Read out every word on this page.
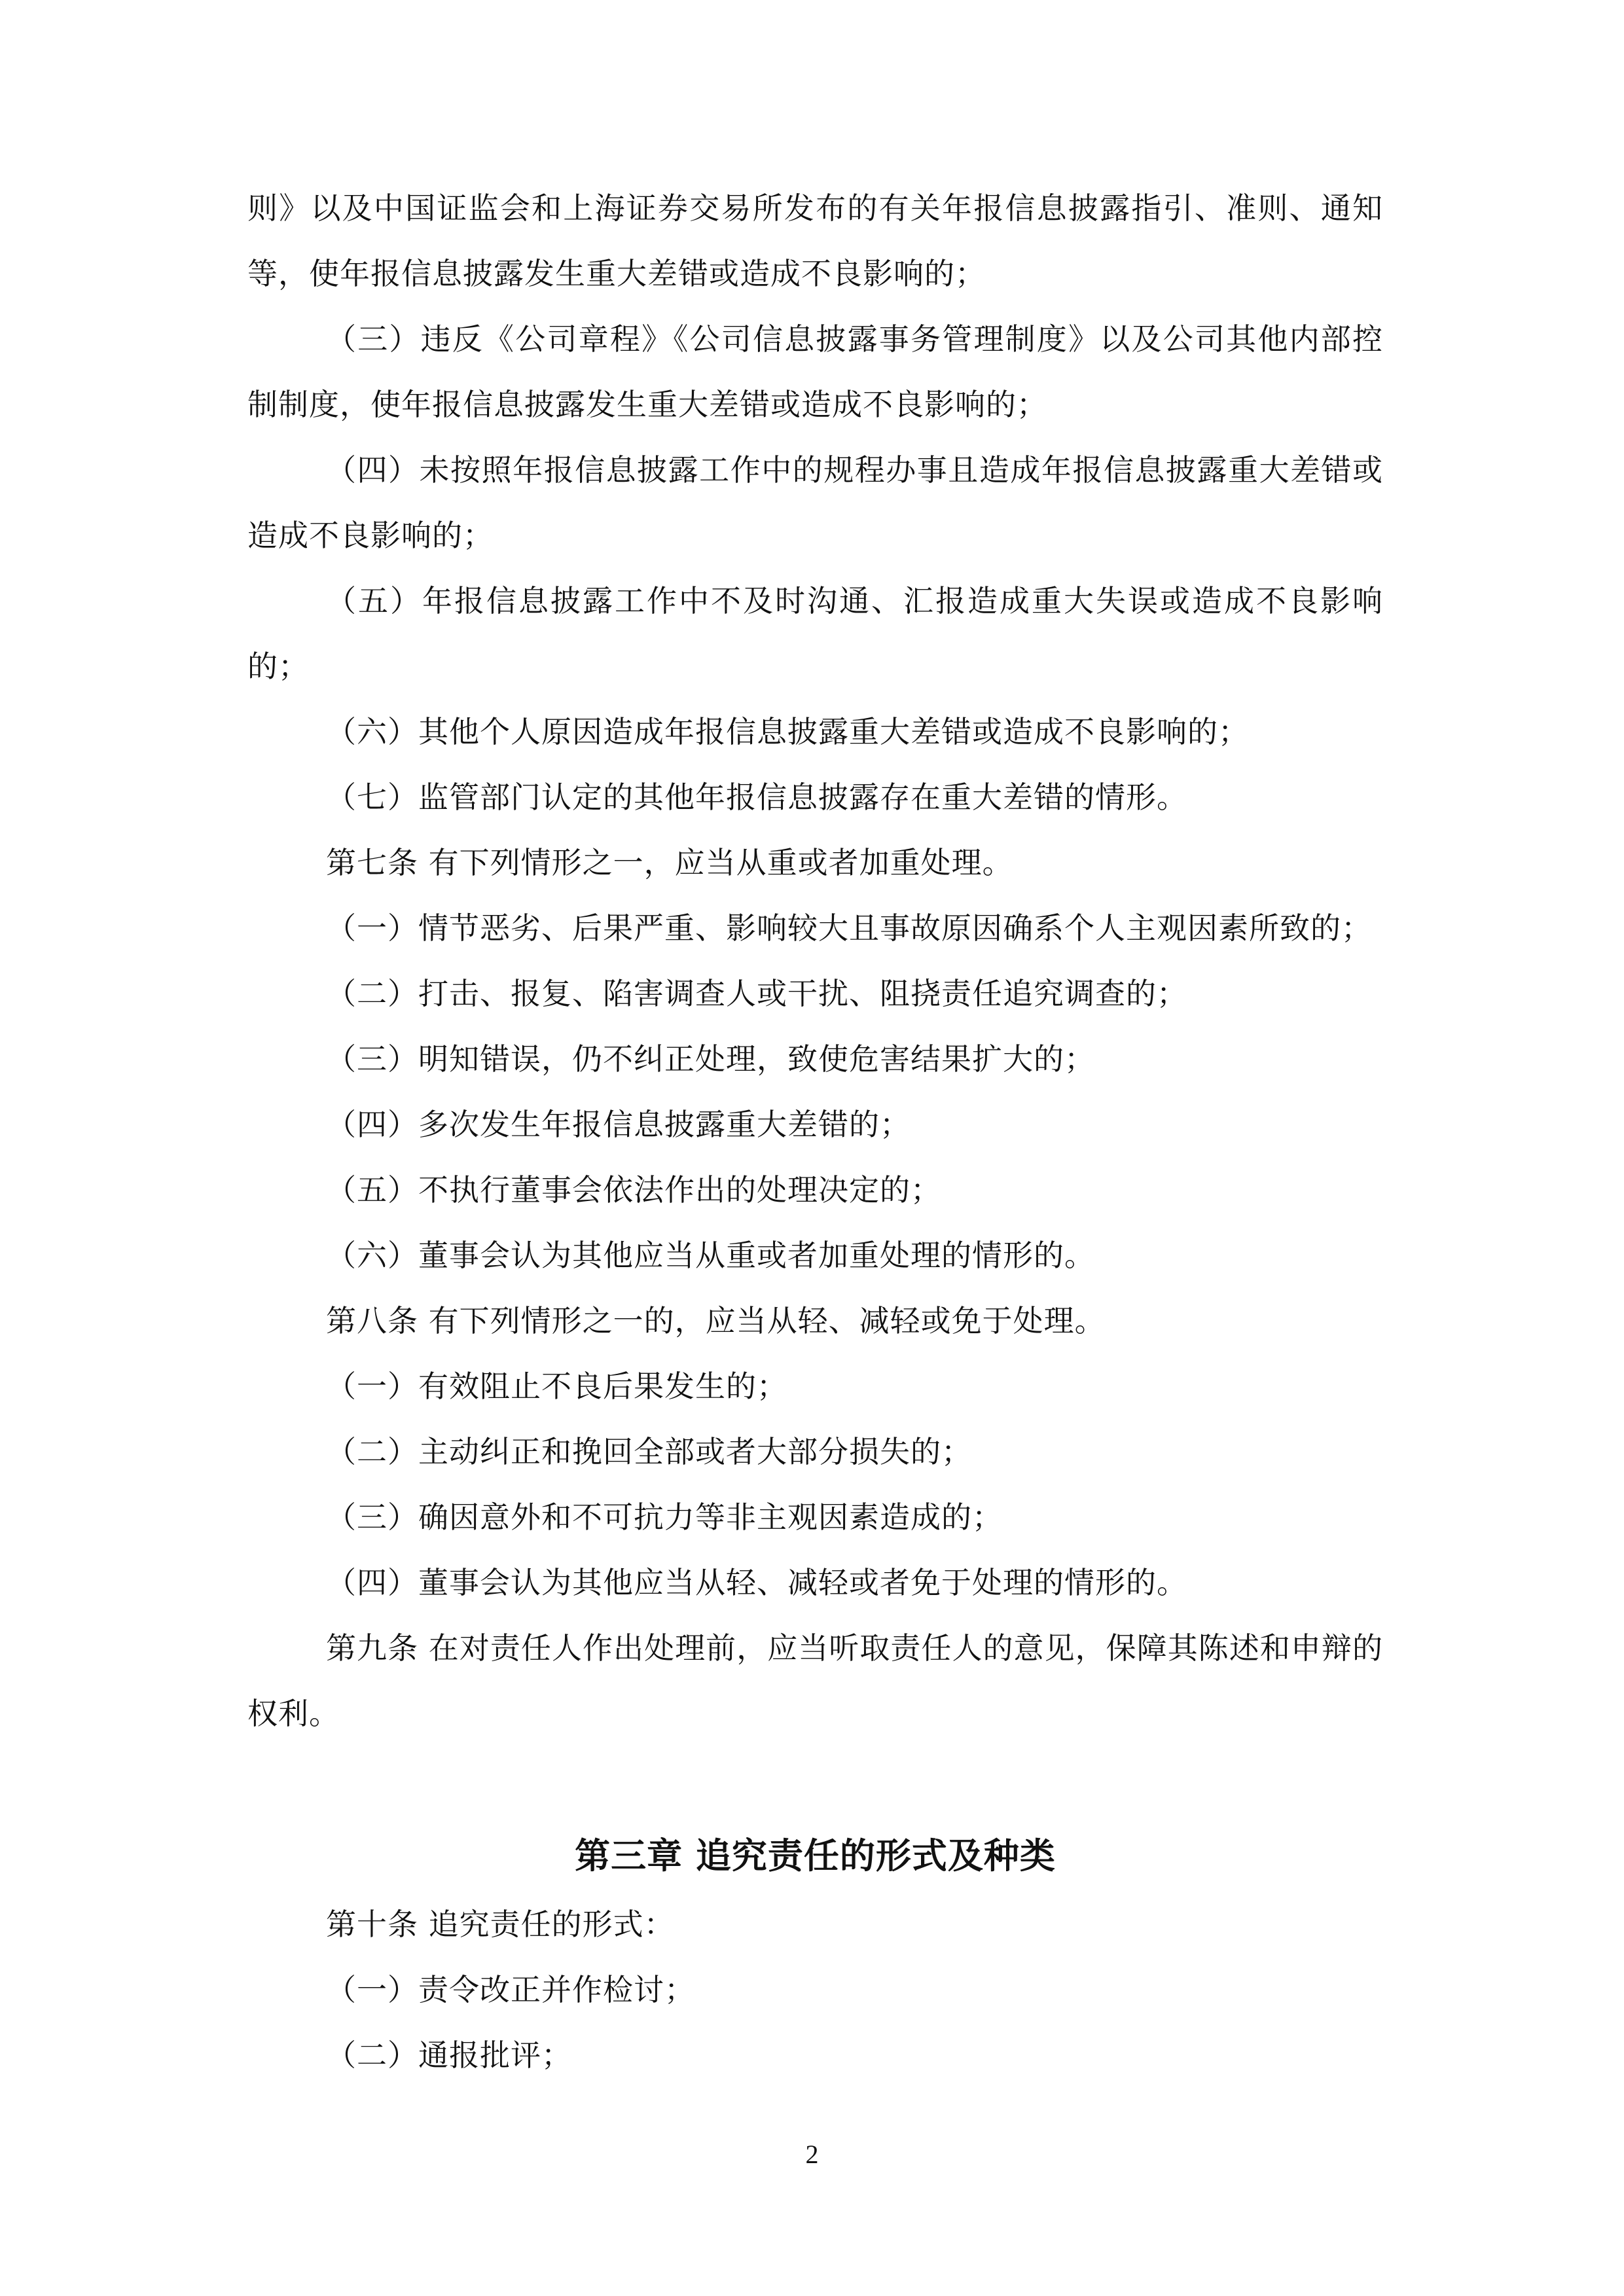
则》以及中国证监会和上海证券交易所发布的有关年报信息披露指引、准则、通知等，使年报信息披露发生重大差错或造成不良影响的；

（三）违反《公司章程》《公司信息披露事务管理制度》以及公司其他内部控制制度，使年报信息披露发生重大差错或造成不良影响的；

（四）未按照年报信息披露工作中的规程办事且造成年报信息披露重大差错或造成不良影响的；

（五）年报信息披露工作中不及时沟通、汇报造成重大失误或造成不良影响的；

（六）其他个人原因造成年报信息披露重大差错或造成不良影响的；

（七）监管部门认定的其他年报信息披露存在重大差错的情形。

第七条 有下列情形之一，应当从重或者加重处理。

（一）情节恶劣、后果严重、影响较大且事故原因确系个人主观因素所致的；

（二）打击、报复、陷害调查人或干扰、阻挠责任追究调查的；

（三）明知错误，仍不纠正处理，致使危害结果扩大的；

（四）多次发生年报信息披露重大差错的；

（五）不执行董事会依法作出的处理决定的；

（六）董事会认为其他应当从重或者加重处理的情形的。

第八条 有下列情形之一的，应当从轻、减轻或免于处理。

（一）有效阻止不良后果发生的；

（二）主动纠正和挽回全部或者大部分损失的；

（三）确因意外和不可抗力等非主观因素造成的；

（四）董事会认为其他应当从轻、减轻或者免于处理的情形的。

第九条 在对责任人作出处理前，应当听取责任人的意见，保障其陈述和申辩的权利。

第三章 追究责任的形式及种类

第十条 追究责任的形式：

（一）责令改正并作检讨；

（二）通报批评；

2
